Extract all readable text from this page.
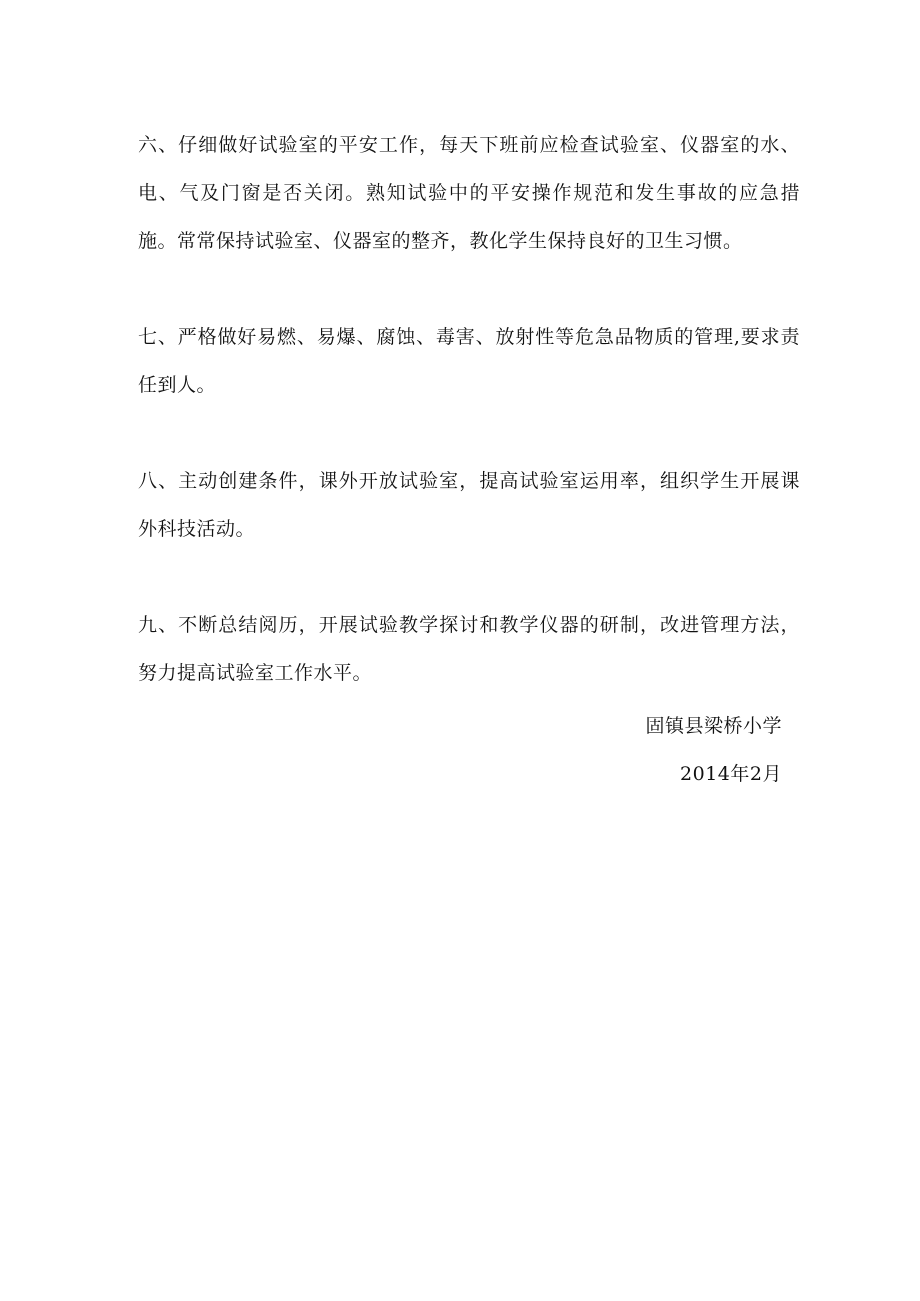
六、仔细做好试验室的平安工作，每天下班前应检查试验室、仪器室的水、电、气及门窗是否关闭。熟知试验中的平安操作规范和发生事故的应急措施。常常保持试验室、仪器室的整齐，教化学生保持良好的卫生习惯。

七、严格做好易燃、易爆、腐蚀、毒害、放射性等危急品物质的管理,要求责任到人。

八、主动创建条件，课外开放试验室，提高试验室运用率，组织学生开展课外科技活动。

九、不断总结阅历，开展试验教学探讨和教学仪器的研制，改进管理方法，努力提高试验室工作水平。

固镇县梁桥小学
2014年2月
